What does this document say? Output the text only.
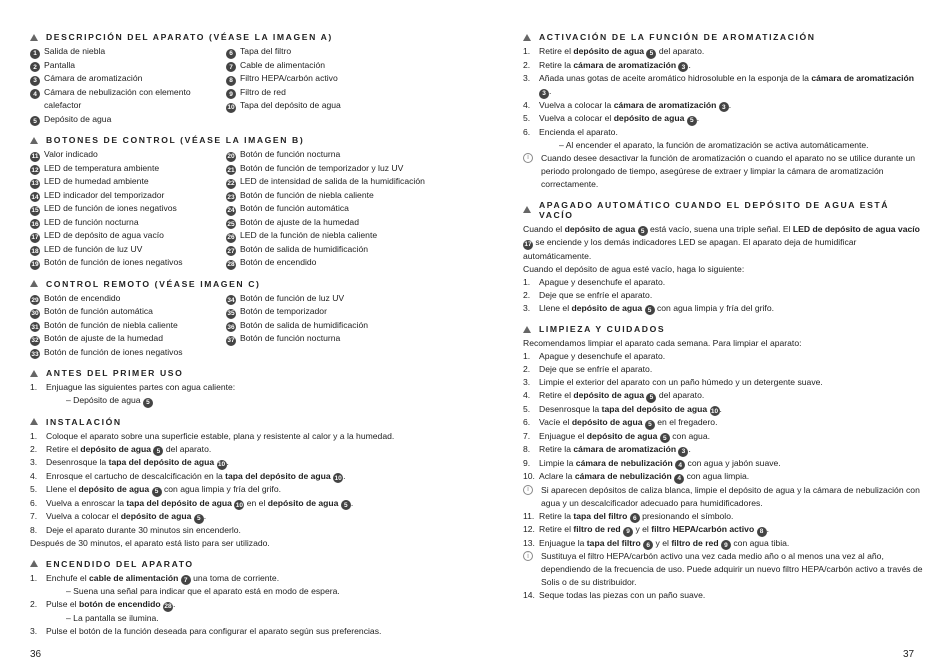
DESCRIPCIÓN DEL APARATO (VÉASE LA IMAGEN A)
1 Salida de niebla	6 Tapa del filtro
2 Pantalla	7 Cable de alimentación
3 Cámara de aromatización	8 Filtro HEPA/carbón activo
4 Cámara de nebulización con elemento	9 Filtro de red
calefactor	10 Tapa del depósito de agua
5 Depósito de agua
BOTONES DE CONTROL (VÉASE LA IMAGEN B)
11 Valor indicado	20 Botón de función nocturna
12 LED de temperatura ambiente	21 Botón de función de temporizador y luz UV
13 LED de humedad ambiente	22 LED de intensidad de salida de la humidificación
14 LED indicador del temporizador	23 Botón de función de niebla caliente
15 LED de función de iones negativos	24 Botón de función automática
16 LED de función nocturna	25 Botón de ajuste de la humedad
17 LED de depósito de agua vacío	26 LED de la función de niebla caliente
18 LED de función de luz UV	27 Botón de salida de humidificación
19 Botón de función de iones negativos	28 Botón de encendido
CONTROL REMOTO (VÉASE IMAGEN C)
29 Botón de encendido	34 Botón de función de luz UV
30 Botón de función automática	35 Botón de temporizador
31 Botón de función de niebla caliente	36 Botón de salida de humidificación
32 Botón de ajuste de la humedad	37 Botón de función nocturna
33 Botón de función de iones negativos
ANTES DEL PRIMER USO
1.	Enjuague las siguientes partes con agua caliente:
– Depósito de agua 5
INSTALACIÓN
1.	Coloque el aparato sobre una superficie estable, plana y resistente al calor y a la humedad.
2.	Retire el depósito de agua 5 del aparato.
3.	Desenrosque la tapa del depósito de agua 10.
4.	Enrosque el cartucho de descalcificación en la tapa del depósito de agua 10.
5.	Llene el depósito de agua 5 con agua limpia y fría del grifo.
6.	Vuelva a enroscar la tapa del depósito de agua 10 en el depósito de agua 5 .
7.	Vuelva a colocar el depósito de agua 5 .
8.	Deje el aparato durante 30 minutos sin encenderlo.
Después de 30 minutos, el aparato está listo para ser utilizado.
ENCENDIDO DEL APARATO
1.	Enchufe el cable de alimentación 7 una toma de corriente.
– Suena una señal para indicar que el aparato está en modo de espera.
2.	Pulse el botón de encendido 28.
– La pantalla se ilumina.
3.	Pulse el botón de la función deseada para configurar el aparato según sus preferencias.
ACTIVACIÓN DE LA FUNCIÓN DE AROMATIZACIÓN
1.	Retire el depósito de agua 5 del aparato.
2.	Retire la cámara de aromatización 3 .
3.	Añada unas gotas de aceite aromático hidrosoluble en la esponja de la cámara de aromatización 3 .
4.	Vuelva a colocar la cámara de aromatización 3 .
5.	Vuelva a colocar el depósito de agua 5 .
6.	Encienda el aparato.
– Al encender el aparato, la función de aromatización se activa automáticamente.
i	Cuando desee desactivar la función de aromatización o cuando el aparato no se utilice durante un periodo prolongado de tiempo, asegúrese de extraer y limpiar la cámara de aromatización correctamente.
APAGADO AUTOMÁTICO CUANDO EL DEPÓSITO DE AGUA ESTÁ VACÍO
Cuando el depósito de agua 5 está vacío, suena una triple señal. El LED de depósito de agua vacío 17 se enciende y los demás indicadores LED se apagan. El aparato deja de humidificar automáticamente.
Cuando el depósito de agua esté vacío, haga lo siguiente:
1.	Apague y desenchufe el aparato.
2.	Deje que se enfríe el aparato.
3.	Llene el depósito de agua 5 con agua limpia y fría del grifo.
LIMPIEZA Y CUIDADOS
Recomendamos limpiar el aparato cada semana. Para limpiar el aparato:
1.	Apague y desenchufe el aparato.
2.	Deje que se enfríe el aparato.
3.	Limpie el exterior del aparato con un paño húmedo y un detergente suave.
4.	Retire el depósito de agua 5 del aparato.
5.	Desenrosque la tapa del depósito de agua 10.
6.	Vacíe el depósito de agua 5 en el fregadero.
7.	Enjuague el depósito de agua 5 con agua.
8.	Retire la cámara de aromatización 3 .
9.	Limpie la cámara de nebulización 4 con agua y jabón suave.
10. Aclare la cámara de nebulización 4 con agua limpia.
i	Si aparecen depósitos de caliza blanca, limpie el depósito de agua y la cámara de nebulización con agua y un descalcificador adecuado para humidificadores.
11. Retire la tapa del filtro 6 presionando el símbolo.
12. Retire el filtro de red 9 y el filtro HEPA/carbón activo 8 .
13. Enjuague la tapa del filtro 6 y el filtro de red 9 con agua tibia.
i	Sustituya el filtro HEPA/carbón activo una vez cada medio año o al menos una vez al año, dependiendo de la frecuencia de uso. Puede adquirir un nuevo filtro HEPA/carbón activo a través de Solis o de su distribuidor.
14. Seque todas las piezas con un paño suave.
36	37
